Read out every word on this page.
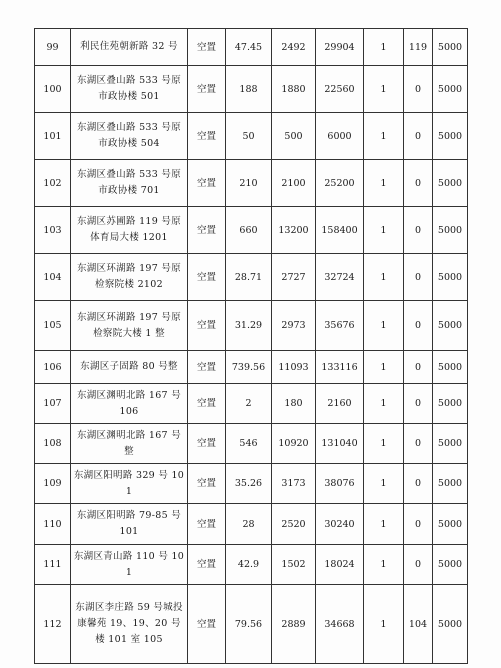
99	利民住苑朝新路 32 号	空置	47.45	2492	29904	1	119	5000
100	东湖区叠山路 533 号原市政协楼 501	空置	188	1880	22560	1	0	5000
101	东湖区叠山路 533 号原市政协楼 504	空置	50	500	6000	1	0	5000
102	东湖区叠山路 533 号原市政协楼 701	空置	210	2100	25200	1	0	5000
103	东湖区苏圃路 119 号原体育局大楼 1201	空置	660	13200	158400	1	0	5000
104	东湖区环湖路 197 号原检察院楼 2102	空置	28.71	2727	32724	1	0	5000
105	东湖区环湖路 197 号原检察院大楼 1 整	空置	31.29	2973	35676	1	0	5000
106	东湖区子固路 80 号整	空置	739.56	11093	133116	1	0	5000
107	东湖区渊明北路 167 号 106	空置	2	180	2160	1	0	5000
108	东湖区渊明北路 167 号整	空置	546	10920	131040	1	0	5000
109	东湖区阳明路 329 号 101	空置	35.26	3173	38076	1	0	5000
110	东湖区阳明路 79-85 号 101	空置	28	2520	30240	1	0	5000
111	东湖区青山路 110 号 101	空置	42.9	1502	18024	1	0	5000
112	东湖区李庄路 59 号城投康馨苑 19、19、20 号楼 101 室 105	空置	79.56	2889	34668	1	104	5000
